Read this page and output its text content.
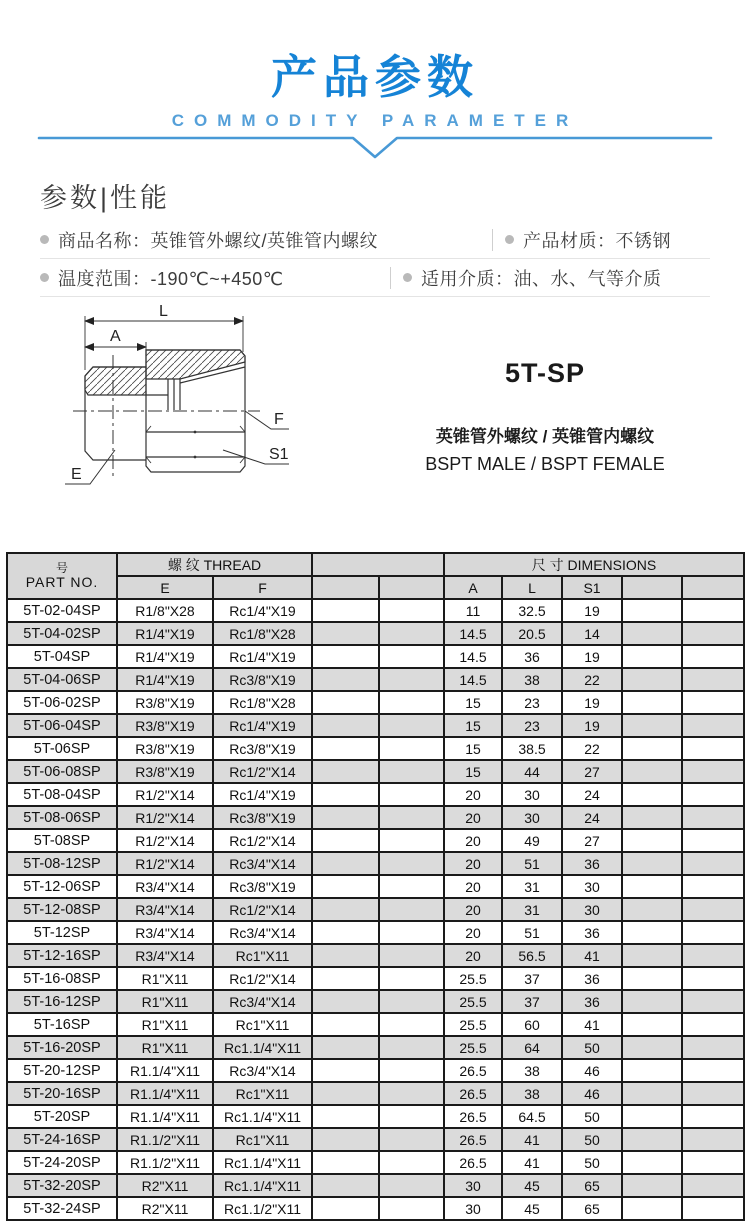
产品参数
COMMODITY PARAMETER
参数|性能
商品名称：英锥管外螺纹/英锥管内螺纹	产品材质：不锈钢
温度范围：-190℃~+450℃	适用介质：油、水、气等介质
L
A
F
S1
E
5T-SP
英锥管外螺纹 / 英锥管内螺纹
BSPT MALE / BSPT FEMALE
号
PART NO.	螺 纹 THREAD				尺 寸 DIMENSIONS				
	E	F			A	L	S1		
5T-02-04SP	R1/8"X28	Rc1/4"X19			11	32.5	19		
5T-04-02SP	R1/4"X19	Rc1/8"X28			14.5	20.5	14		
5T-04SP	R1/4"X19	Rc1/4"X19			14.5	36	19		
5T-04-06SP	R1/4"X19	Rc3/8"X19			14.5	38	22		
5T-06-02SP	R3/8"X19	Rc1/8"X28			15	23	19		
5T-06-04SP	R3/8"X19	Rc1/4"X19			15	23	19		
5T-06SP	R3/8"X19	Rc3/8"X19			15	38.5	22		
5T-06-08SP	R3/8"X19	Rc1/2"X14			15	44	27		
5T-08-04SP	R1/2"X14	Rc1/4"X19			20	30	24		
5T-08-06SP	R1/2"X14	Rc3/8"X19			20	30	24		
5T-08SP	R1/2"X14	Rc1/2"X14			20	49	27		
5T-08-12SP	R1/2"X14	Rc3/4"X14			20	51	36		
5T-12-06SP	R3/4"X14	Rc3/8"X19			20	31	30		
5T-12-08SP	R3/4"X14	Rc1/2"X14			20	31	30		
5T-12SP	R3/4"X14	Rc3/4"X14			20	51	36		
5T-12-16SP	R3/4"X14	Rc1"X11			20	56.5	41		
5T-16-08SP	R1"X11	Rc1/2"X14			25.5	37	36		
5T-16-12SP	R1"X11	Rc3/4"X14			25.5	37	36		
5T-16SP	R1"X11	Rc1"X11			25.5	60	41		
5T-16-20SP	R1"X11	Rc1.1/4"X11			25.5	64	50		
5T-20-12SP	R1.1/4"X11	Rc3/4"X14			26.5	38	46		
5T-20-16SP	R1.1/4"X11	Rc1"X11			26.5	38	46		
5T-20SP	R1.1/4"X11	Rc1.1/4"X11			26.5	64.5	50		
5T-24-16SP	R1.1/2"X11	Rc1"X11			26.5	41	50		
5T-24-20SP	R1.1/2"X11	Rc1.1/4"X11			26.5	41	50		
5T-32-20SP	R2"X11	Rc1.1/4"X11			30	45	65		
5T-32-24SP	R2"X11	Rc1.1/2"X11			30	45	65		
